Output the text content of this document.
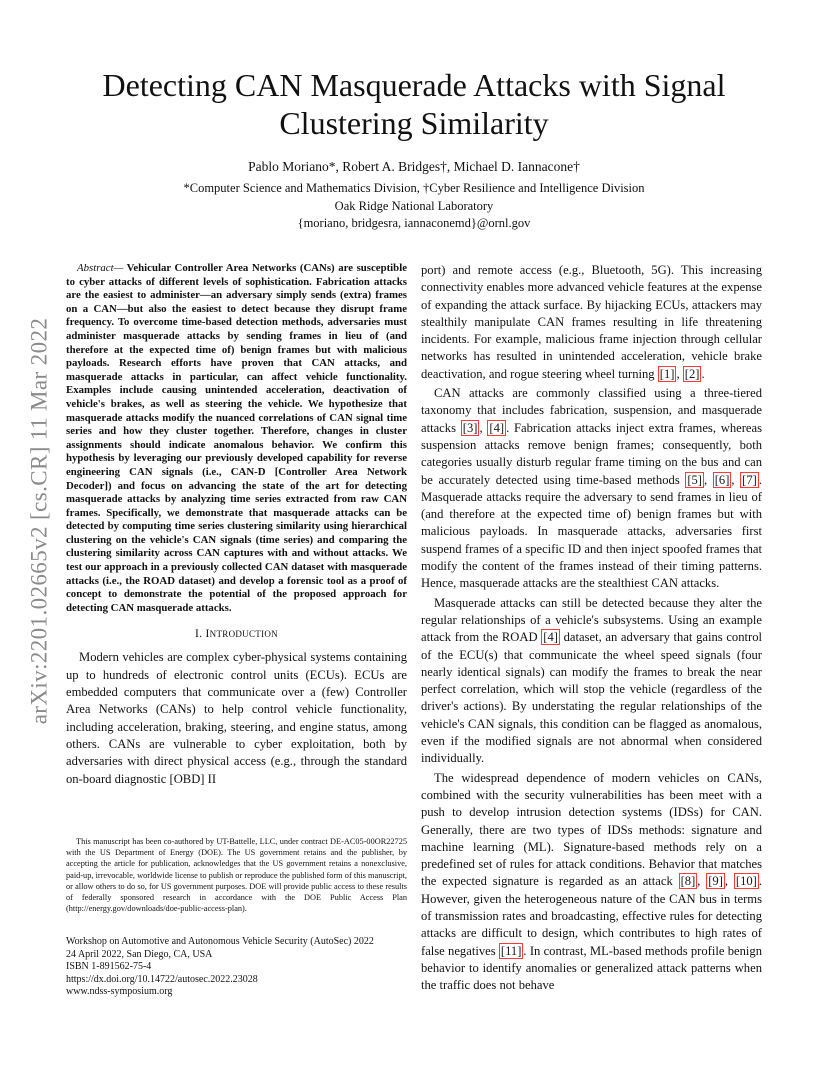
arXiv:2201.02665v2 [cs.CR] 11 Mar 2022
Detecting CAN Masquerade Attacks with Signal Clustering Similarity
Pablo Moriano*, Robert A. Bridges†, Michael D. Iannacone†
*Computer Science and Mathematics Division, †Cyber Resilience and Intelligence Division
Oak Ridge National Laboratory
{moriano, bridgesra, iannaconemd}@ornl.gov

Abstract— Vehicular Controller Area Networks (CANs) are susceptible to cyber attacks of different levels of sophistication. Fabrication attacks are the easiest to administer—an adversary simply sends (extra) frames on a CAN—but also the easiest to detect because they disrupt frame frequency. To overcome time-based detection methods, adversaries must administer masquerade attacks by sending frames in lieu of (and therefore at the expected time of) benign frames but with malicious payloads. Research efforts have proven that CAN attacks, and masquerade attacks in particular, can affect vehicle functionality. Examples include causing unintended acceleration, deactivation of vehicle's brakes, as well as steering the vehicle. We hypothesize that masquerade attacks modify the nuanced correlations of CAN signal time series and how they cluster together. Therefore, changes in cluster assignments should indicate anomalous behavior. We confirm this hypothesis by leveraging our previously developed capability for reverse engineering CAN signals (i.e., CAN-D [Controller Area Network Decoder]) and focus on advancing the state of the art for detecting masquerade attacks by analyzing time series extracted from raw CAN frames. Specifically, we demonstrate that masquerade attacks can be detected by computing time series clustering similarity using hierarchical clustering on the vehicle's CAN signals (time series) and comparing the clustering similarity across CAN captures with and without attacks. We test our approach in a previously collected CAN dataset with masquerade attacks (i.e., the ROAD dataset) and develop a forensic tool as a proof of concept to demonstrate the potential of the proposed approach for detecting CAN masquerade attacks.

I. INTRODUCTION

Modern vehicles are complex cyber-physical systems containing up to hundreds of electronic control units (ECUs). ECUs are embedded computers that communicate over a (few) Controller Area Networks (CANs) to help control vehicle functionality, including acceleration, braking, steering, and engine status, among others. CANs are vulnerable to cyber exploitation, both by adversaries with direct physical access (e.g., through the standard on-board diagnostic [OBD] II

This manuscript has been co-authored by UT-Battelle, LLC, under contract DE-AC05-00OR22725 with the US Department of Energy (DOE). The US government retains and the publisher, by accepting the article for publication, acknowledges that the US government retains a nonexclusive, paid-up, irrevocable, worldwide license to publish or reproduce the published form of this manuscript, or allow others to do so, for US government purposes. DOE will provide public access to these results of federally sponsored research in accordance with the DOE Public Access Plan (http://energy.gov/downloads/doe-public-access-plan).

Workshop on Automotive and Autonomous Vehicle Security (AutoSec) 2022
24 April 2022, San Diego, CA, USA
ISBN 1-891562-75-4
https://dx.doi.org/10.14722/autosec.2022.23028
www.ndss-symposium.org

port) and remote access (e.g., Bluetooth, 5G). This increasing connectivity enables more advanced vehicle features at the expense of expanding the attack surface. By hijacking ECUs, attackers may stealthily manipulate CAN frames resulting in life threatening incidents. For example, malicious frame injection through cellular networks has resulted in unintended acceleration, vehicle brake deactivation, and rogue steering wheel turning [1] , [2] .

CAN attacks are commonly classified using a three-tiered taxonomy that includes fabrication, suspension, and masquerade attacks [3] , [4] . Fabrication attacks inject extra frames, whereas suspension attacks remove benign frames; consequently, both categories usually disturb regular frame timing on the bus and can be accurately detected using time-based methods [5] , [6] , [7] . Masquerade attacks require the adversary to send frames in lieu of (and therefore at the expected time of) benign frames but with malicious payloads. In masquerade attacks, adversaries first suspend frames of a specific ID and then inject spoofed frames that modify the content of the frames instead of their timing patterns. Hence, masquerade attacks are the stealthiest CAN attacks.

Masquerade attacks can still be detected because they alter the regular relationships of a vehicle's subsystems. Using an example attack from the ROAD [4] dataset, an adversary that gains control of the ECU(s) that communicate the wheel speed signals (four nearly identical signals) can modify the frames to break the near perfect correlation, which will stop the vehicle (regardless of the driver's actions). By understating the regular relationships of the vehicle's CAN signals, this condition can be flagged as anomalous, even if the modified signals are not abnormal when considered individually.

The widespread dependence of modern vehicles on CANs, combined with the security vulnerabilities has been meet with a push to develop intrusion detection systems (IDSs) for CAN. Generally, there are two types of IDSs methods: signature and machine learning (ML). Signature-based methods rely on a predefined set of rules for attack conditions. Behavior that matches the expected signature is regarded as an attack [8] , [9] , [10] . However, given the heterogeneous nature of the CAN bus in terms of transmission rates and broadcasting, effective rules for detecting attacks are difficult to design, which contributes to high rates of false negatives [11] . In contrast, ML-based methods profile benign behavior to identify anomalies or generalized attack patterns when the traffic does not behave
